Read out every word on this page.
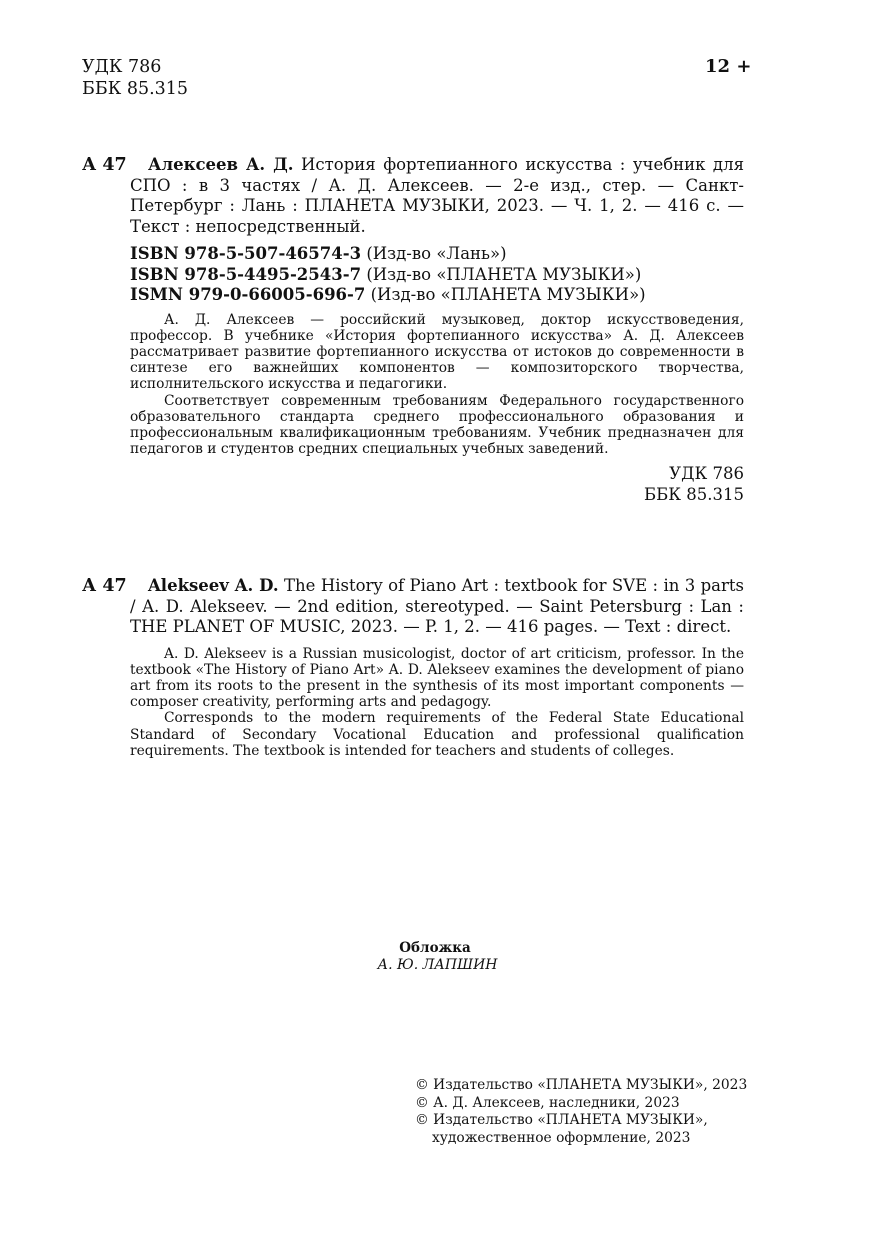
УДК 786
ББК 85.315
12 +
А 47	Алексеев А. Д. История фортепианного искусства : учебник для СПО : в 3 частях / А. Д. Алексеев. — 2-е изд., стер. — Санкт-Петербург : Лань : ПЛАНЕТА МУЗЫКИ, 2023. — Ч. 1, 2. — 416 с. — Текст : непосредственный.
ISBN 978-5-507-46574-3 (Изд-во «Лань»)
ISBN 978-5-4495-2543-7 (Изд-во «ПЛАНЕТА МУЗЫКИ»)
ISMN 979-0-66005-696-7 (Изд-во «ПЛАНЕТА МУЗЫКИ»)

А. Д. Алексеев — российский музыковед, доктор искусствоведения, профессор. В учебнике «История фортепианного искусства» А. Д. Алексеев рассматривает развитие фортепианного искусства от истоков до современности в синтезе его важнейших компонентов — композиторского творчества, исполнительского искусства и педагогики.

Соответствует современным требованиям Федерального государственного образовательного стандарта среднего профессионального образования и профессиональным квалификационным требованиям. Учебник предназначен для педагогов и студентов средних специальных учебных заведений.

УДК 786
ББК 85.315
А 47	Alekseev A. D. The History of Piano Art : textbook for SVE : in 3 parts / A. D. Alekseev. — 2nd edition, stereotyped. — Saint Petersburg : Lan : THE PLANET OF MUSIC, 2023. — P. 1, 2. — 416 pages. — Text : direct.

A. D. Alekseev is a Russian musicologist, doctor of art criticism, professor. In the textbook «The History of Piano Art» A. D. Alekseev examines the development of piano art from its roots to the present in the synthesis of its most important components — composer creativity, performing arts and pedagogy.

Corresponds to the modern requirements of the Federal State Educational Standard of Secondary Vocational Education and professional qualification requirements. The textbook is intended for teachers and students of colleges.

Обложка
А. Ю. ЛАПШИН
© Издательство «ПЛАНЕТА МУЗЫКИ», 2023
© А. Д. Алексеев, наследники, 2023
© Издательство «ПЛАНЕТА МУЗЫКИ»,
художественное оформление, 2023
